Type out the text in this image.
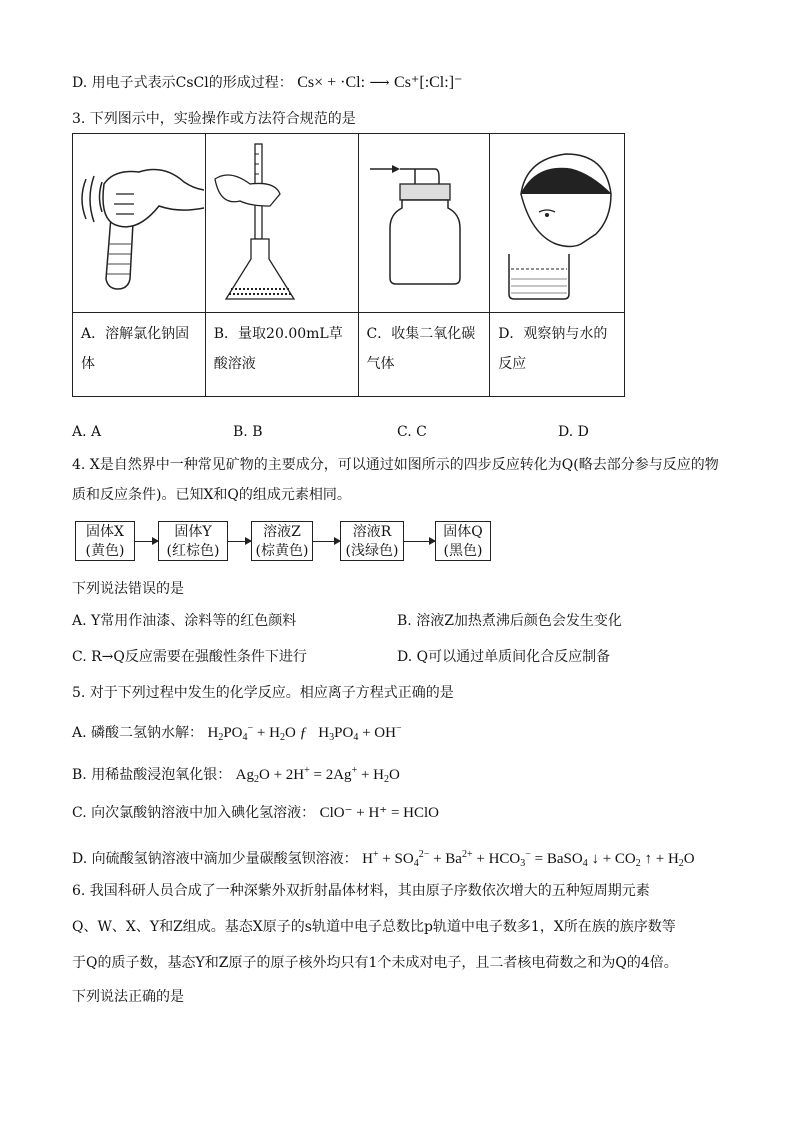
D. 用电子式表示CsCl的形成过程： Cs× + ·Cl: ⟶ Cs⁺[:Cl:]⁻
3. 下列图示中，实验操作或方法符合规范的是

A．溶解氯化钠固体	B．量取20.00mL草酸溶液	C．收集二氧化碳气体	D．观察钠与水的反应
A. A	B. B	C. C	D. D
4. X是自然界中一种常见矿物的主要成分，可以通过如图所示的四步反应转化为Q(略去部分参与反应的物
质和反应条件)。已知X和Q的组成元素相同。
固体X
(黄色)
固体Y
(红棕色)
溶液Z
(棕黄色)
溶液R
(浅绿色)
固体Q
(黑色)
下列说法错误的是
A. Y常用作油漆、涂料等的红色颜料	B. 溶液Z加热煮沸后颜色会发生变化
C. R→Q反应需要在强酸性条件下进行	D. Q可以通过单质间化合反应制备
5. 对于下列过程中发生的化学反应。相应离子方程式正确的是
A. 磷酸二氢钠水解： $H_2PO_4^- + H_2O$ ƒ   $H_3PO_4 + OH^-$
B. 用稀盐酸浸泡氧化银： $Ag_2O + 2H^+ = 2Ag^+ + H_2O$
C. 向次氯酸钠溶液中加入碘化氢溶液： ClO⁻ + H⁺ = HClO
D. 向硫酸氢钠溶液中滴加少量碳酸氢钡溶液： $H^+ + SO_4^{2-} + Ba^{2+} + HCO_3^-$ = BaSO$_4$ ↓ + $CO_2$ ↑ + $H_2O$
6. 我国科研人员合成了一种深紫外双折射晶体材料，其由原子序数依次增大的五种短周期元素
Q、W、X、Y和Z组成。基态X原子的s轨道中电子总数比p轨道中电子数多1，X所在族的族序数等
于Q的质子数，基态Y和Z原子的原子核外均只有1个未成对电子，且二者核电荷数之和为Q的4倍。
下列说法正确的是
